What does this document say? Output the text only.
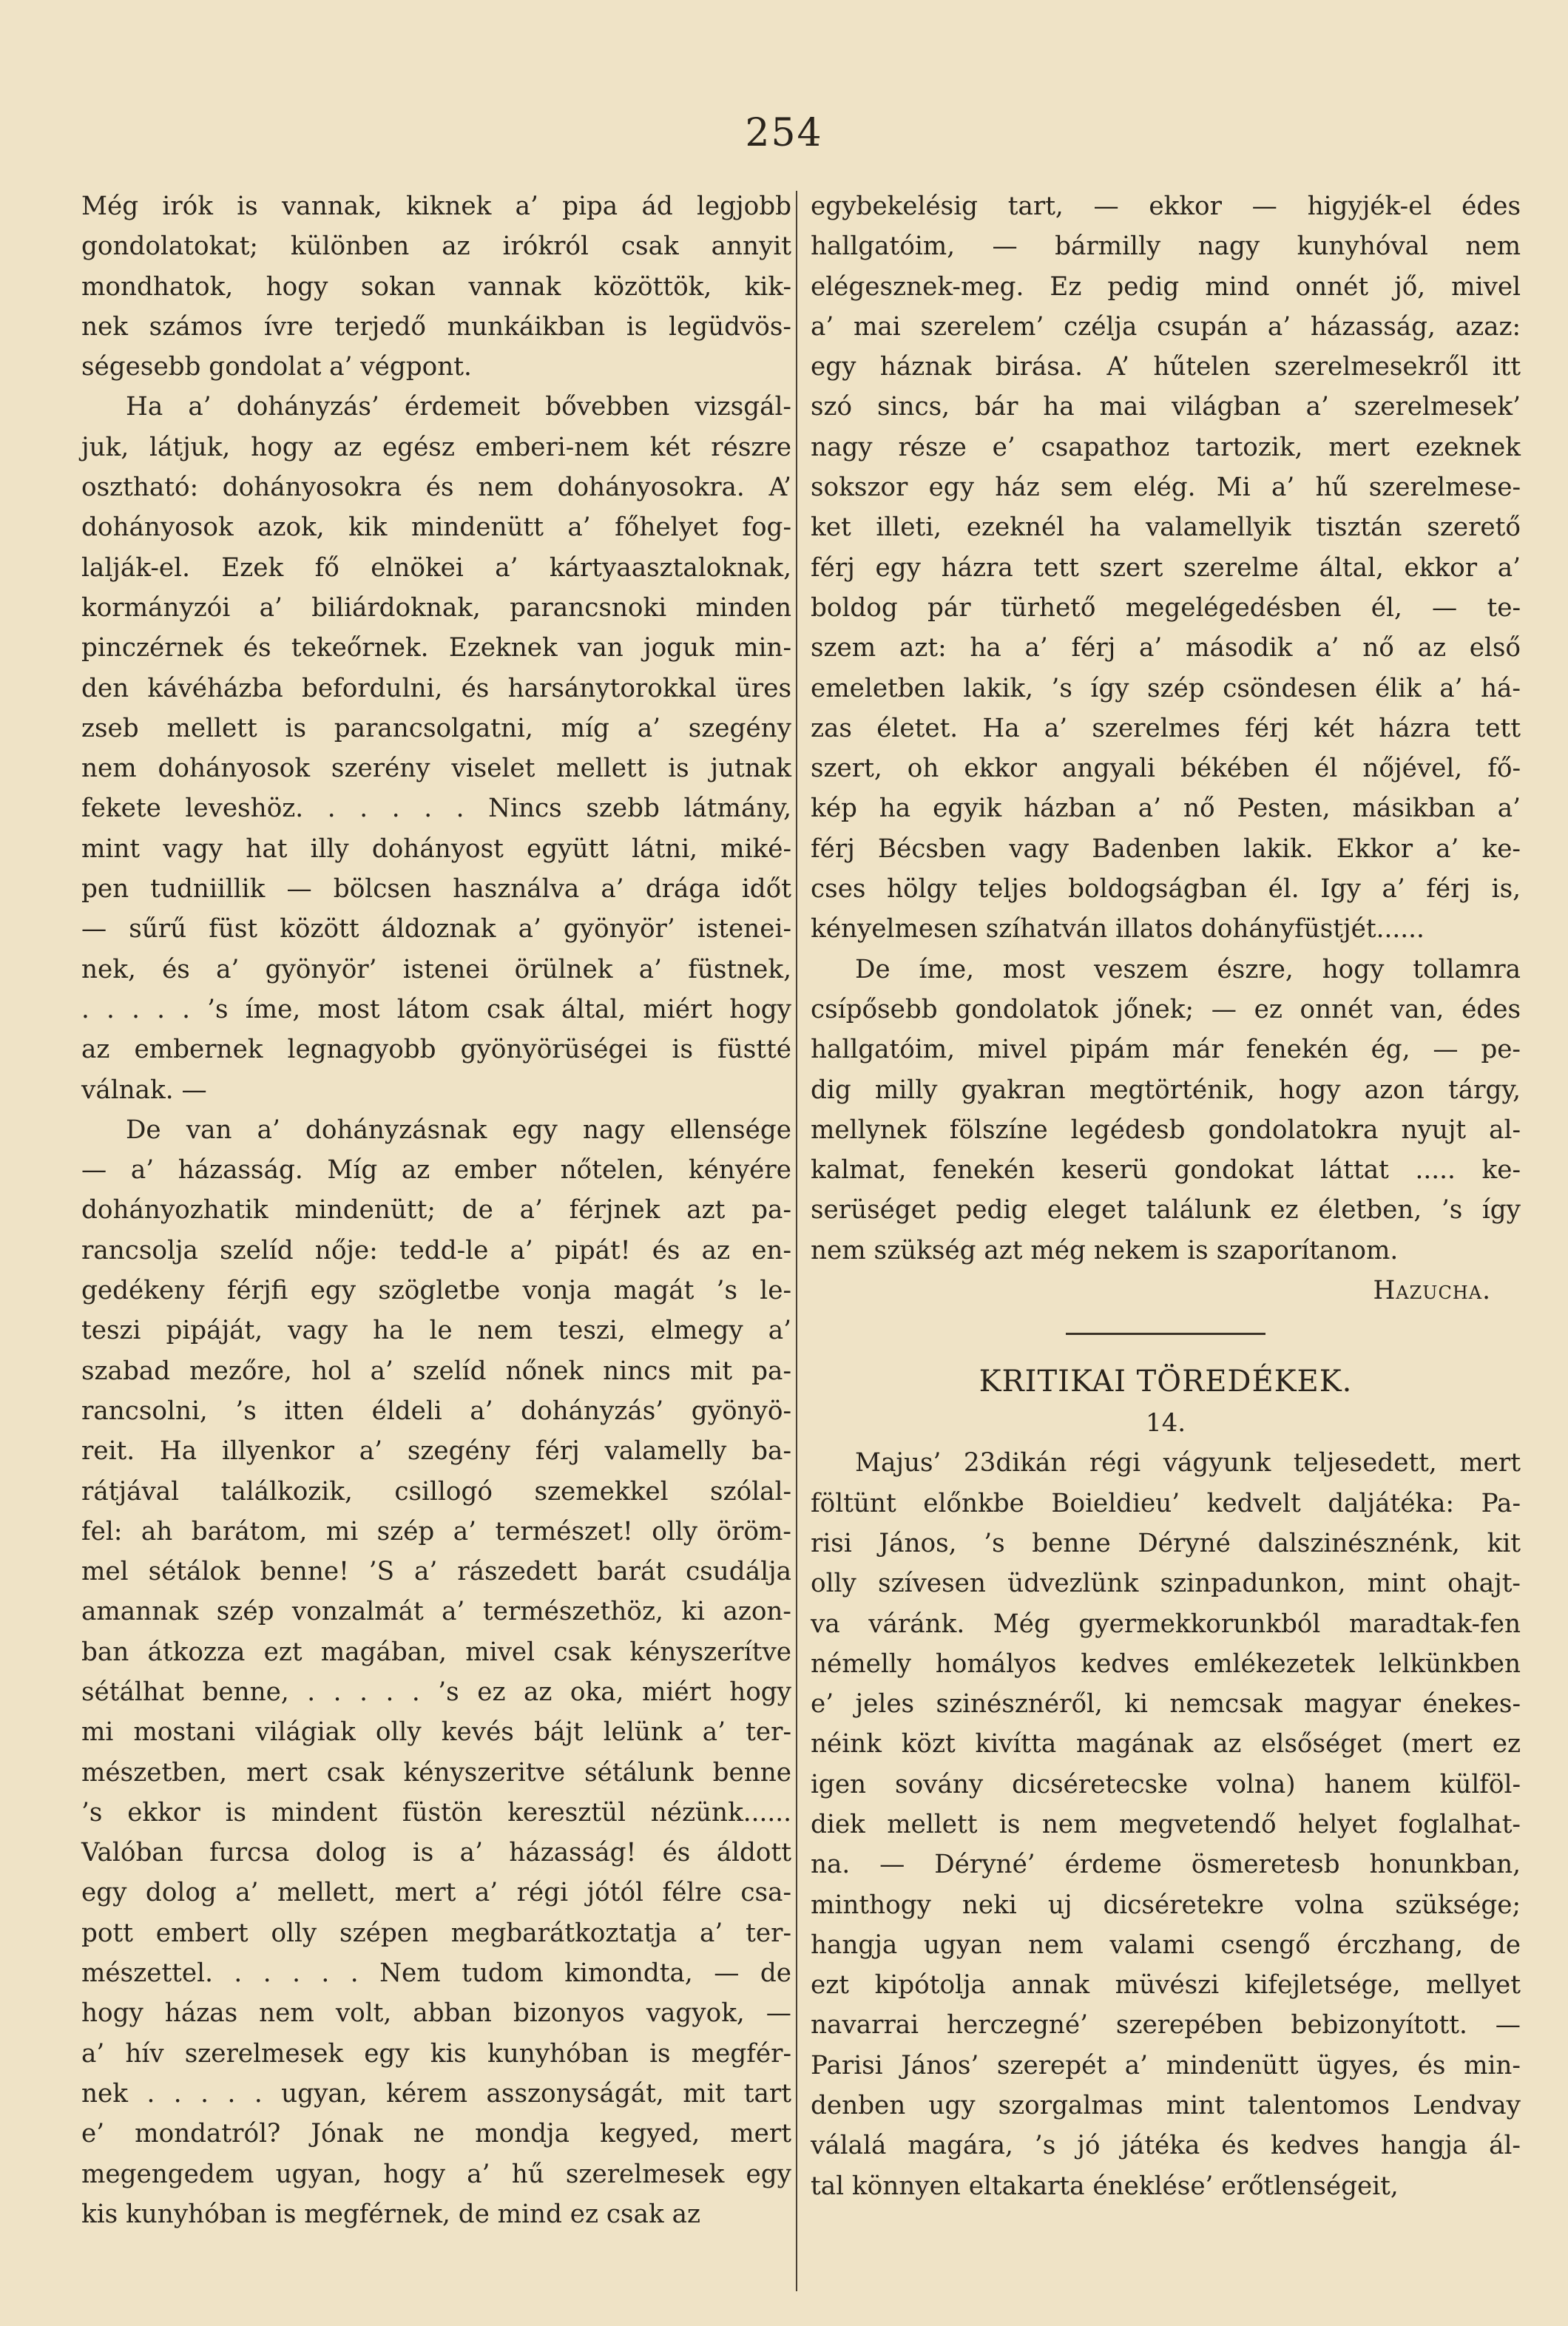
254
Még irók is vannak, kiknek a’ pipa ád legjobb
gondolatokat; különben az irókról csak annyit
mondhatok, hogy sokan vannak közöttök, kik-
nek számos ívre terjedő munkáikban is legüdvös-
ségesebb gondolat a’ végpont.
Ha a’ dohányzás’ érdemeit bővebben vizsgál-
juk, látjuk, hogy az egész emberi-nem két részre
osztható: dohányosokra és nem dohányosokra. A’
dohányosok azok, kik mindenütt a’ főhelyet fog-
lalják-el. Ezek fő elnökei a’ kártyaasztaloknak,
kormányzói a’ biliárdoknak, parancsnoki minden
pinczérnek és tekeőrnek. Ezeknek van joguk min-
den kávéházba befordulni, és harsánytorokkal üres
zseb mellett is parancsolgatni, míg a’ szegény
nem dohányosok szerény viselet mellett is jutnak
fekete leveshöz. . . . . . Nincs szebb látmány,
mint vagy hat illy dohányost együtt látni, miké-
pen tudniillik — bölcsen használva a’ drága időt
— sűrű füst között áldoznak a’ gyönyör’ istenei-
nek, és a’ gyönyör’ istenei örülnek a’ füstnek,
. . . . . ’s íme, most látom csak által, miért hogy
az embernek legnagyobb gyönyörüségei is füstté
válnak. —
De van a’ dohányzásnak egy nagy ellensége
— a’ házasság. Míg az ember nőtelen, kényére
dohányozhatik mindenütt; de a’ férjnek azt pa-
rancsolja szelíd nője: tedd-le a’ pipát! és az en-
gedékeny férjfi egy szögletbe vonja magát ’s le-
teszi pipáját, vagy ha le nem teszi, elmegy a’
szabad mezőre, hol a’ szelíd nőnek nincs mit pa-
rancsolni, ’s itten éldeli a’ dohányzás’ gyönyö-
reit. Ha illyenkor a’ szegény férj valamelly ba-
rátjával találkozik, csillogó szemekkel szólal-
fel: ah barátom, mi szép a’ természet! olly öröm-
mel sétálok benne! ’S a’ rászedett barát csudálja
amannak szép vonzalmát a’ természethöz, ki azon-
ban átkozza ezt magában, mivel csak kényszerítve
sétálhat benne, . . . . . ’s ez az oka, miért hogy
mi mostani világiak olly kevés bájt lelünk a’ ter-
mészetben, mert csak kényszeritve sétálunk benne
’s ekkor is mindent füstön keresztül nézünk......
Valóban furcsa dolog is a’ házasság! és áldott
egy dolog a’ mellett, mert a’ régi jótól félre csa-
pott embert olly szépen megbarátkoztatja a’ ter-
mészettel. . . . . . Nem tudom kimondta, — de
hogy házas nem volt, abban bizonyos vagyok, —
a’ hív szerelmesek egy kis kunyhóban is megfér-
nek . . . . . ugyan, kérem asszonyságát, mit tart
e’ mondatról? Jónak ne mondja kegyed, mert
megengedem ugyan, hogy a’ hű szerelmesek egy
kis kunyhóban is megférnek, de mind ez csak az
egybekelésig tart, — ekkor — higyjék-el édes
hallgatóim, — bármilly nagy kunyhóval nem
elégesznek-meg. Ez pedig mind onnét jő, mivel
a’ mai szerelem’ czélja csupán a’ házasság, azaz:
egy háznak birása. A’ hűtelen szerelmesekről itt
szó sincs, bár ha mai világban a’ szerelmesek’
nagy része e’ csapathoz tartozik, mert ezeknek
sokszor egy ház sem elég. Mi a’ hű szerelmese-
ket illeti, ezeknél ha valamellyik tisztán szerető
férj egy házra tett szert szerelme által, ekkor a’
boldog pár türhető megelégedésben él, — te-
szem azt: ha a’ férj a’ második a’ nő az első
emeletben lakik, ’s így szép csöndesen élik a’ há-
zas életet. Ha a’ szerelmes férj két házra tett
szert, oh ekkor angyali békében él nőjével, fő-
kép ha egyik házban a’ nő Pesten, másikban a’
férj Bécsben vagy Badenben lakik. Ekkor a’ ke-
cses hölgy teljes boldogságban él. Igy a’ férj is,
kényelmesen szíhatván illatos dohányfüstjét......
De íme, most veszem észre, hogy tollamra
csípősebb gondolatok jőnek; — ez onnét van, édes
hallgatóim, mivel pipám már fenekén ég, — pe-
dig milly gyakran megtörténik, hogy azon tárgy,
mellynek fölszíne legédesb gondolatokra nyujt al-
kalmat, fenekén keserü gondokat láttat ..... ke-
serüséget pedig eleget találunk ez életben, ’s így
nem szükség azt még nekem is szaporítanom.
Hazucha.
KRITIKAI TÖREDÉKEK.
14.
Majus’ 23dikán régi vágyunk teljesedett, mert
föltünt előnkbe Boieldieu’ kedvelt daljátéka: Pa-
risi János, ’s benne Déryné dalszinésznénk, kit
olly szívesen üdvezlünk szinpadunkon, mint ohajt-
va váránk. Még gyermekkorunkból maradtak-fen
némelly homályos kedves emlékezetek lelkünkben
e’ jeles szinésznéről, ki nemcsak magyar énekes-
néink közt kivítta magának az elsőséget (mert ez
igen sovány dicséretecske volna) hanem külföl-
diek mellett is nem megvetendő helyet foglalhat-
na. — Déryné’ érdeme ösmeretesb honunkban,
minthogy neki uj dicséretekre volna szüksége;
hangja ugyan nem valami csengő érczhang, de
ezt kipótolja annak müvészi kifejletsége, mellyet
navarrai herczegné’ szerepében bebizonyított. —
Parisi János’ szerepét a’ mindenütt ügyes, és min-
denben ugy szorgalmas mint talentomos Lendvay
válalá magára, ’s jó játéka és kedves hangja ál-
tal könnyen eltakarta éneklése’ erőtlenségeit,
